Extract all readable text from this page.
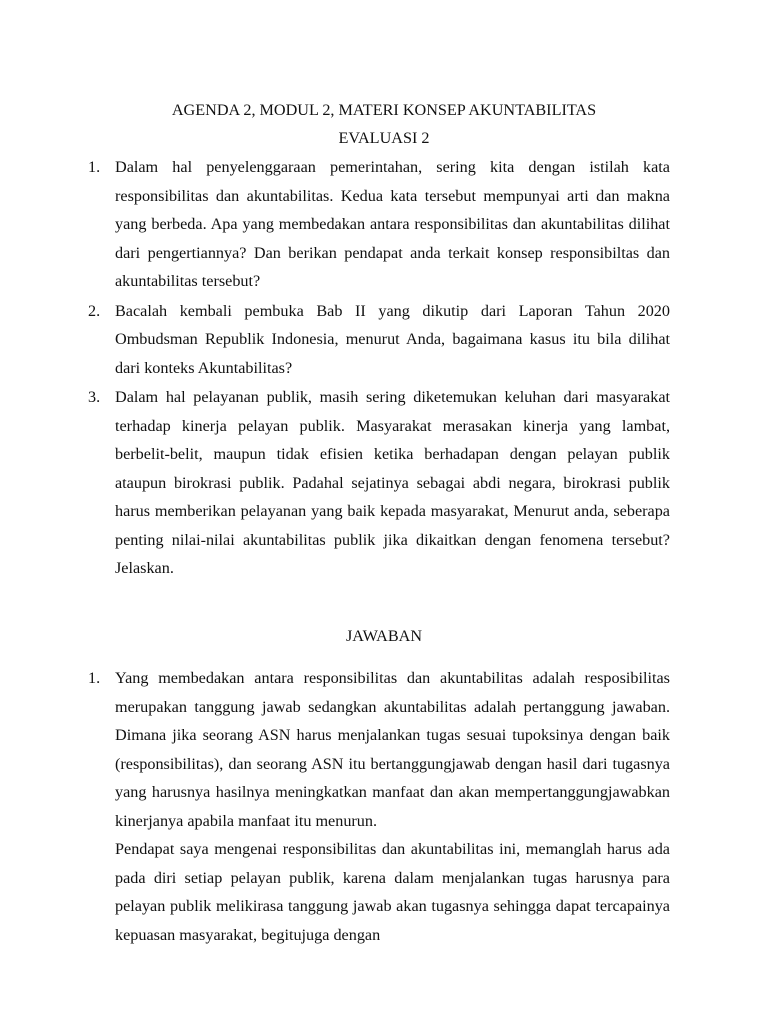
AGENDA 2, MODUL 2, MATERI KONSEP AKUNTABILITAS

EVALUASI 2

1. Dalam hal penyelenggaraan pemerintahan, sering kita dengan istilah kata responsibilitas dan akuntabilitas. Kedua kata tersebut mempunyai arti dan makna yang berbeda. Apa yang membedakan antara responsibilitas dan akuntabilitas dilihat dari pengertiannya? Dan berikan pendapat anda terkait konsep responsibiltas dan akuntabilitas tersebut?

2. Bacalah kembali pembuka Bab II yang dikutip dari Laporan Tahun 2020 Ombudsman Republik Indonesia, menurut Anda, bagaimana kasus itu bila dilihat dari konteks Akuntabilitas?

3. Dalam hal pelayanan publik, masih sering diketemukan keluhan dari masyarakat terhadap kinerja pelayan publik. Masyarakat merasakan kinerja yang lambat, berbelit-belit, maupun tidak efisien ketika berhadapan dengan pelayan publik ataupun birokrasi publik. Padahal sejatinya sebagai abdi negara, birokrasi publik harus memberikan pelayanan yang baik kepada masyarakat, Menurut anda, seberapa penting nilai-nilai akuntabilitas publik jika dikaitkan dengan fenomena tersebut? Jelaskan.

JAWABAN

1. Yang membedakan antara responsibilitas dan akuntabilitas adalah resposibilitas merupakan tanggung jawab sedangkan akuntabilitas adalah pertanggung jawaban. Dimana jika seorang ASN harus menjalankan tugas sesuai tupoksinya dengan baik (responsibilitas), dan seorang ASN itu bertanggungjawab dengan hasil dari tugasnya yang harusnya hasilnya meningkatkan manfaat dan akan mempertanggungjawabkan kinerjanya apabila manfaat itu menurun.

Pendapat saya mengenai responsibilitas dan akuntabilitas ini, memanglah harus ada pada diri setiap pelayan publik, karena dalam menjalankan tugas harusnya para pelayan publik melikirasa tanggung jawab akan tugasnya sehingga dapat tercapainya kepuasan masyarakat, begitujuga dengan
